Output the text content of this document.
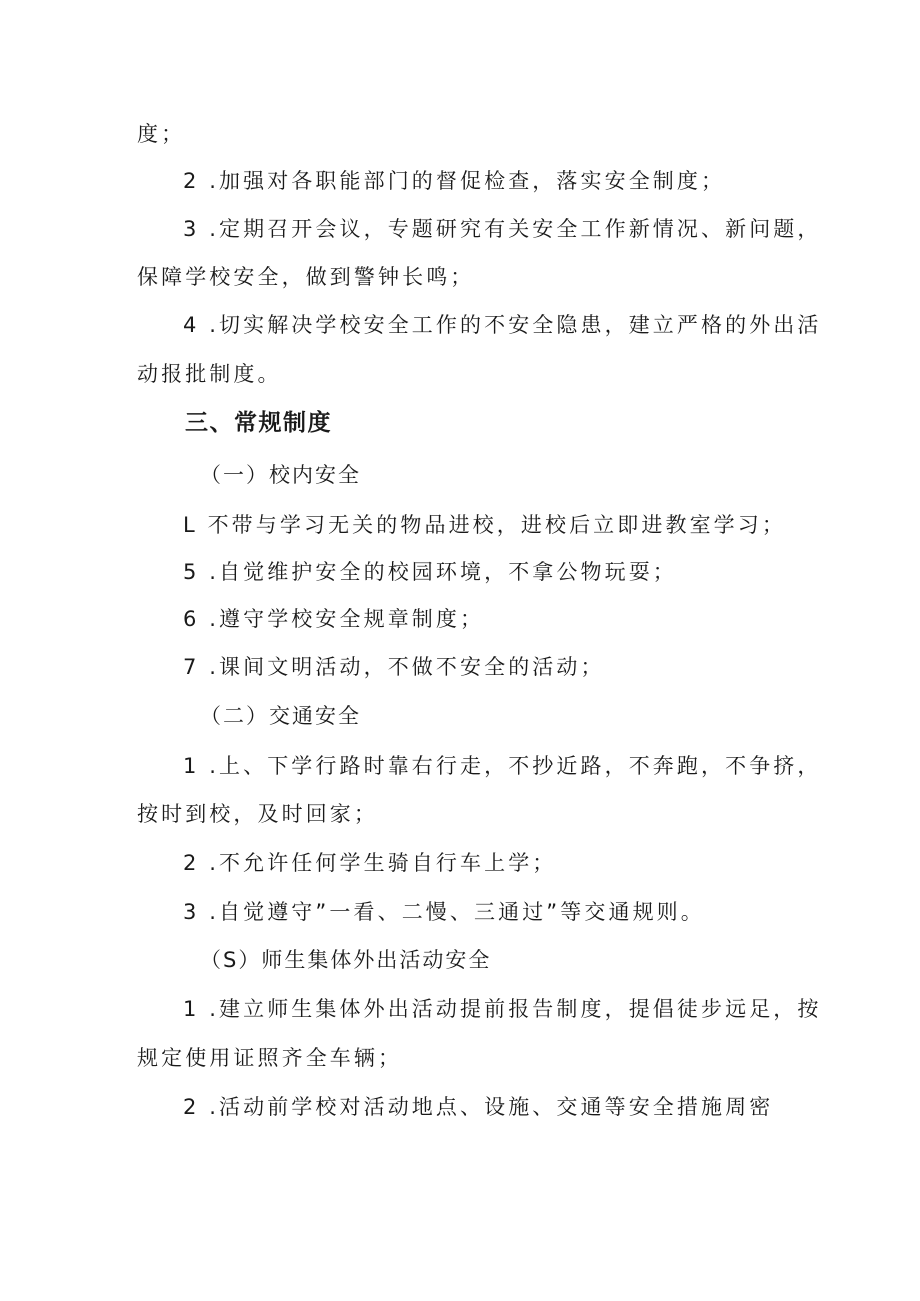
度；
2 .加强对各职能部门的督促检查，落实安全制度；
3 .定期召开会议，专题研究有关安全工作新情况、新问题，
保障学校安全，做到警钟长鸣；
4 .切实解决学校安全工作的不安全隐患，建立严格的外出活
动报批制度。
三、常规制度
（一）校内安全
L 不带与学习无关的物品进校，进校后立即进教室学习；
5 .自觉维护安全的校园环境，不拿公物玩耍；
6 .遵守学校安全规章制度；
7 .课间文明活动，不做不安全的活动；
（二）交通安全
1 .上、下学行路时靠右行走，不抄近路，不奔跑，不争挤，
按时到校，及时回家；
2 .不允许任何学生骑自行车上学；
3 .自觉遵守”一看、二慢、三通过”等交通规则。
（S）师生集体外出活动安全
1 .建立师生集体外出活动提前报告制度，提倡徒步远足，按
规定使用证照齐全车辆；
2 .活动前学校对活动地点、设施、交通等安全措施周密
